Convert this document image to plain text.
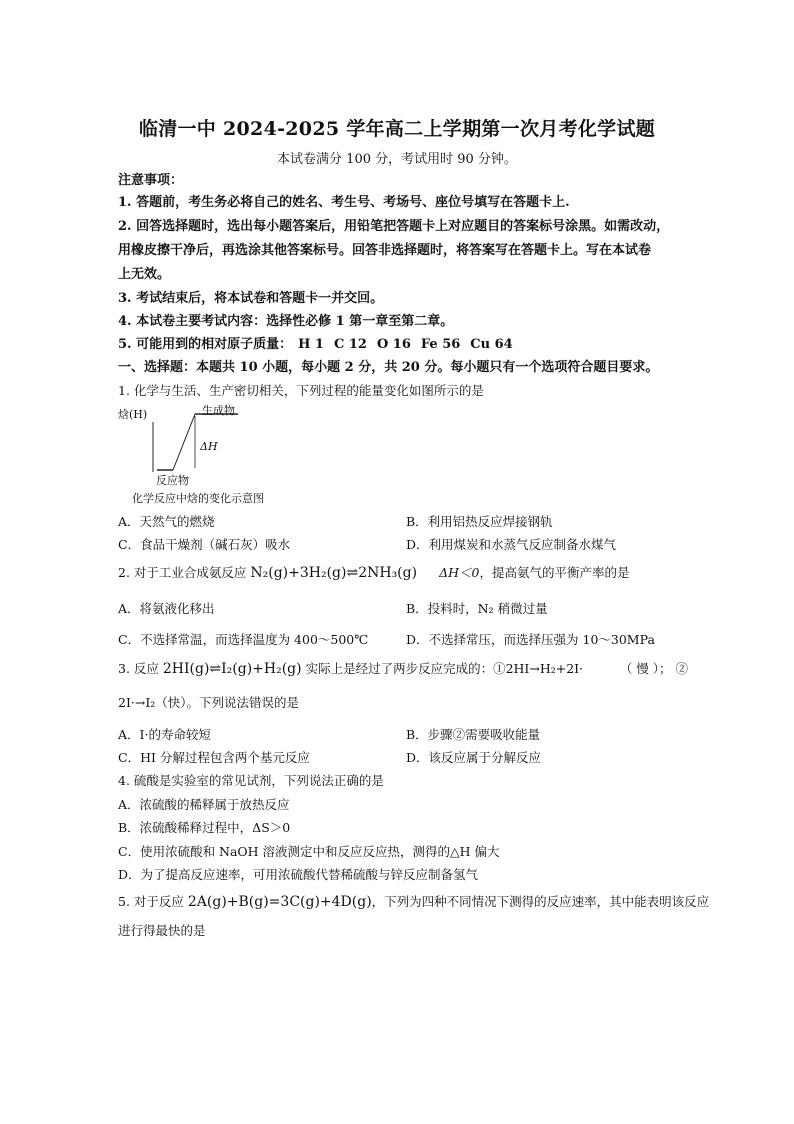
临清一中 2024-2025 学年高二上学期第一次月考化学试题
本试卷满分 100 分，考试用时 90 分钟。
注意事项：
1. 答题前，考生务必将自己的姓名、考生号、考场号、座位号填写在答题卡上.
2. 回答选择题时，选出每小题答案后，用铅笔把答题卡上对应题目的答案标号涂黑。如需改动，
用橡皮擦干净后，再选涂其他答案标号。回答非选择题时，将答案写在答题卡上。写在本试卷
上无效。
3. 考试结束后，将本试卷和答题卡一并交回。
4. 本试卷主要考试内容：选择性必修 1 第一章至第二章。
5. 可能用到的相对原子质量： H 1 C 12 O 16 Fe 56 Cu 64
一、选择题：本题共 10 小题，每小题 2 分，共 20 分。每小题只有一个选项符合题目要求。
1. 化学与生活、生产密切相关，下列过程的能量变化如图所示的是
焓(H)	生成物
ΔH
反应物
化学反应中焓的变化示意图
A．天然气的燃烧	B．利用铝热反应焊接钢轨
C．食品干燥剂（碱石灰）吸水	D．利用煤炭和水蒸气反应制备水煤气
2. 对于工业合成氨反应 N₂(g)+3H₂(g)⇌2NH₃(g) ΔH＜0，提高氨气的平衡产率的是
A．将氨液化移出	B．投料时，N₂ 稍微过量
C．不选择常温，而选择温度为 400～500℃	D．不选择常压，而选择压强为 10～30MPa
3. 反应 2HI(g)⇌I₂(g)+H₂(g) 实际上是经过了两步反应完成的：①2HI→H₂+2I·	（ 慢 ）； ②
2I·→I₂（快）。下列说法错误的是
A．I·的寿命较短	B．步骤②需要吸收能量
C．HI 分解过程包含两个基元反应	D．该反应属于分解反应
4. 硫酸是实验室的常见试剂，下列说法正确的是
A．浓硫酸的稀释属于放热反应
B．浓硫酸稀释过程中，ΔS＞0
C．使用浓硫酸和 NaOH 溶液测定中和反应反应热，测得的△H 偏大
D．为了提高反应速率，可用浓硫酸代替稀硫酸与锌反应制备氢气
5. 对于反应 2A(g)+B(g)=3C(g)+4D(g)，下列为四种不同情况下测得的反应速率，其中能表明该反应
进行得最快的是
